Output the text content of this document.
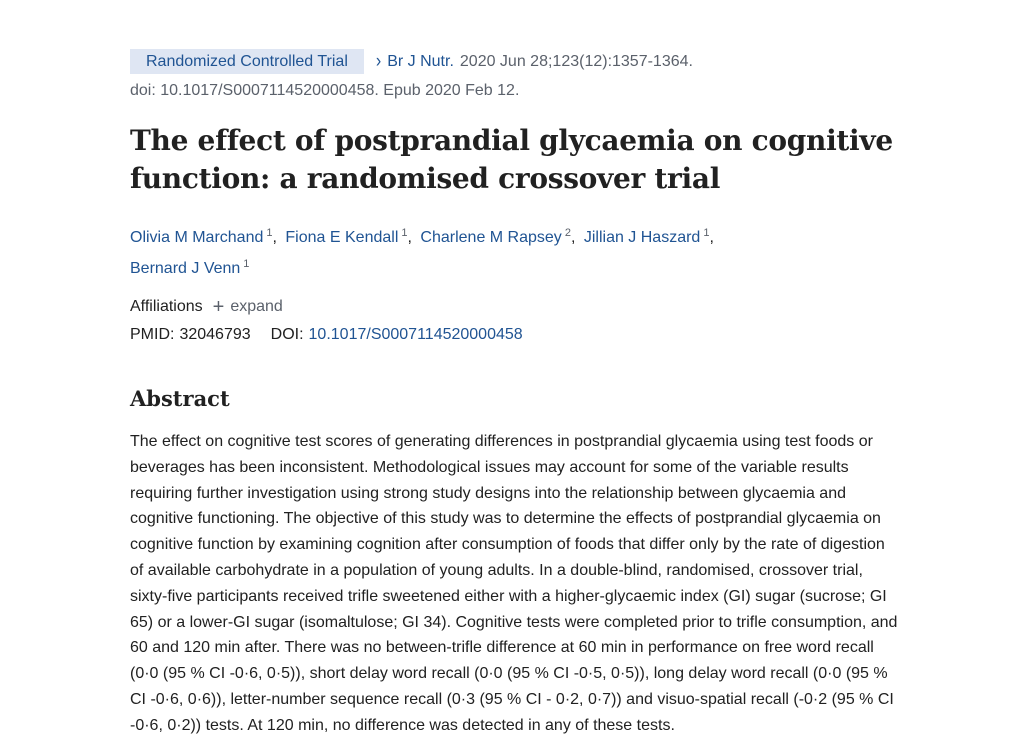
Randomized Controlled Trial	› Br J Nutr. 2020 Jun 28;123(12):1357-1364.
doi: 10.1017/S0007114520000458. Epub 2020 Feb 12.
The effect of postprandial glycaemia on cognitive function: a randomised crossover trial
Olivia M Marchand $^1$, Fiona E Kendall $^1$, Charlene M Rapsey $^2$, Jillian J Haszard $^1$,
Bernard J Venn $^1$
Affiliations + expand
PMID: 32046793 DOI: 10.1017/S0007114520000458
Abstract
The effect on cognitive test scores of generating differences in postprandial glycaemia using test foods or beverages has been inconsistent. Methodological issues may account for some of the variable results requiring further investigation using strong study designs into the relationship between glycaemia and cognitive functioning. The objective of this study was to determine the effects of postprandial glycaemia on cognitive function by examining cognition after consumption of foods that differ only by the rate of digestion of available carbohydrate in a population of young adults. In a double-blind, randomised, crossover trial, sixty-five participants received trifle sweetened either with a higher-glycaemic index (GI) sugar (sucrose; GI 65) or a lower-GI sugar (isomaltulose; GI 34). Cognitive tests were completed prior to trifle consumption, and 60 and 120 min after. There was no between-trifle difference at 60 min in performance on free word recall (0·0 (95 % CI -0·6, 0·5)), short delay word recall (0·0 (95 % CI -0·5, 0·5)), long delay word recall (0·0 (95 % CI -0·6, 0·6)), letter-number sequence recall (0·3 (95 % CI - 0·2, 0·7)) and visuo-spatial recall (-0·2 (95 % CI -0·6, 0·2)) tests. At 120 min, no difference was detected in any of these tests.
